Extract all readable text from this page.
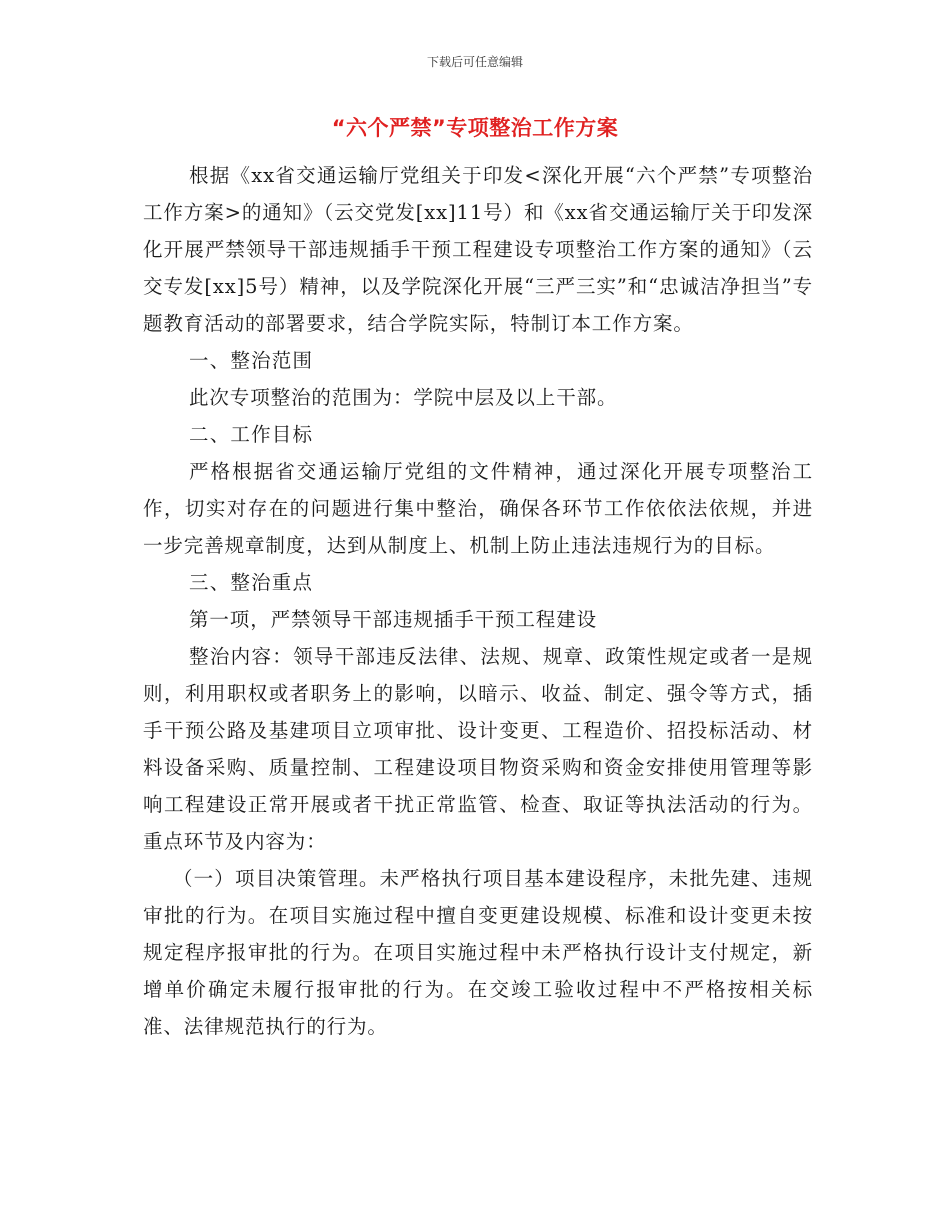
下载后可任意编辑
“六个严禁”专项整治工作方案

根据《xx省交通运输厅党组关于印发<深化开展“六个严禁”专项整治工作方案>的通知》（云交党发[xx]11号）和《xx省交通运输厅关于印发深化开展严禁领导干部违规插手干预工程建设专项整治工作方案的通知》（云交专发[xx]5号）精神，以及学院深化开展“三严三实”和“忠诚洁净担当”专题教育活动的部署要求，结合学院实际，特制订本工作方案。

一、整治范围

此次专项整治的范围为：学院中层及以上干部。

二、工作目标

严格根据省交通运输厅党组的文件精神，通过深化开展专项整治工作，切实对存在的问题进行集中整治，确保各环节工作依依法依规，并进一步完善规章制度，达到从制度上、机制上防止违法违规行为的目标。

三、整治重点

第一项，严禁领导干部违规插手干预工程建设

整治内容：领导干部违反法律、法规、规章、政策性规定或者一是规则，利用职权或者职务上的影响，以暗示、收益、制定、强令等方式，插手干预公路及基建项目立项审批、设计变更、工程造价、招投标活动、材料设备采购、质量控制、工程建设项目物资采购和资金安排使用管理等影响工程建设正常开展或者干扰正常监管、检查、取证等执法活动的行为。重点环节及内容为：

（一）项目决策管理。未严格执行项目基本建设程序，未批先建、违规审批的行为。在项目实施过程中擅自变更建设规模、标准和设计变更未按规定程序报审批的行为。在项目实施过程中未严格执行设计支付规定，新增单价确定未履行报审批的行为。在交竣工验收过程中不严格按相关标准、法律规范执行的行为。
